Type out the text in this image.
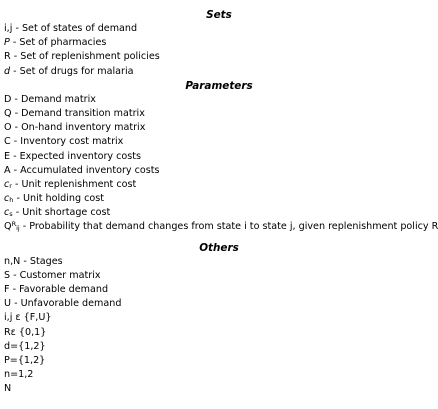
Sets
i,j - Set of states of demand
P - Set of pharmacies
R - Set of replenishment policies
d - Set of drugs for malaria
Parameters
D - Demand matrix
Q - Demand transition matrix
O - On-hand inventory matrix
C - Inventory cost matrix
E - Expected inventory costs
A - Accumulated inventory costs
$c_r$ - Unit replenishment cost
$c_h$ - Unit holding cost
$c_s$ - Unit shortage cost
$Q^R_{ij}$ - Probability that demand changes from state i to state j, given replenishment policy R
Others
n,N - Stages
S - Customer matrix
F - Favorable demand
U - Unfavorable demand
i,j ε {F,U}
Rε {0,1}
d={1,2}
P={1,2}
n=1,2
N
